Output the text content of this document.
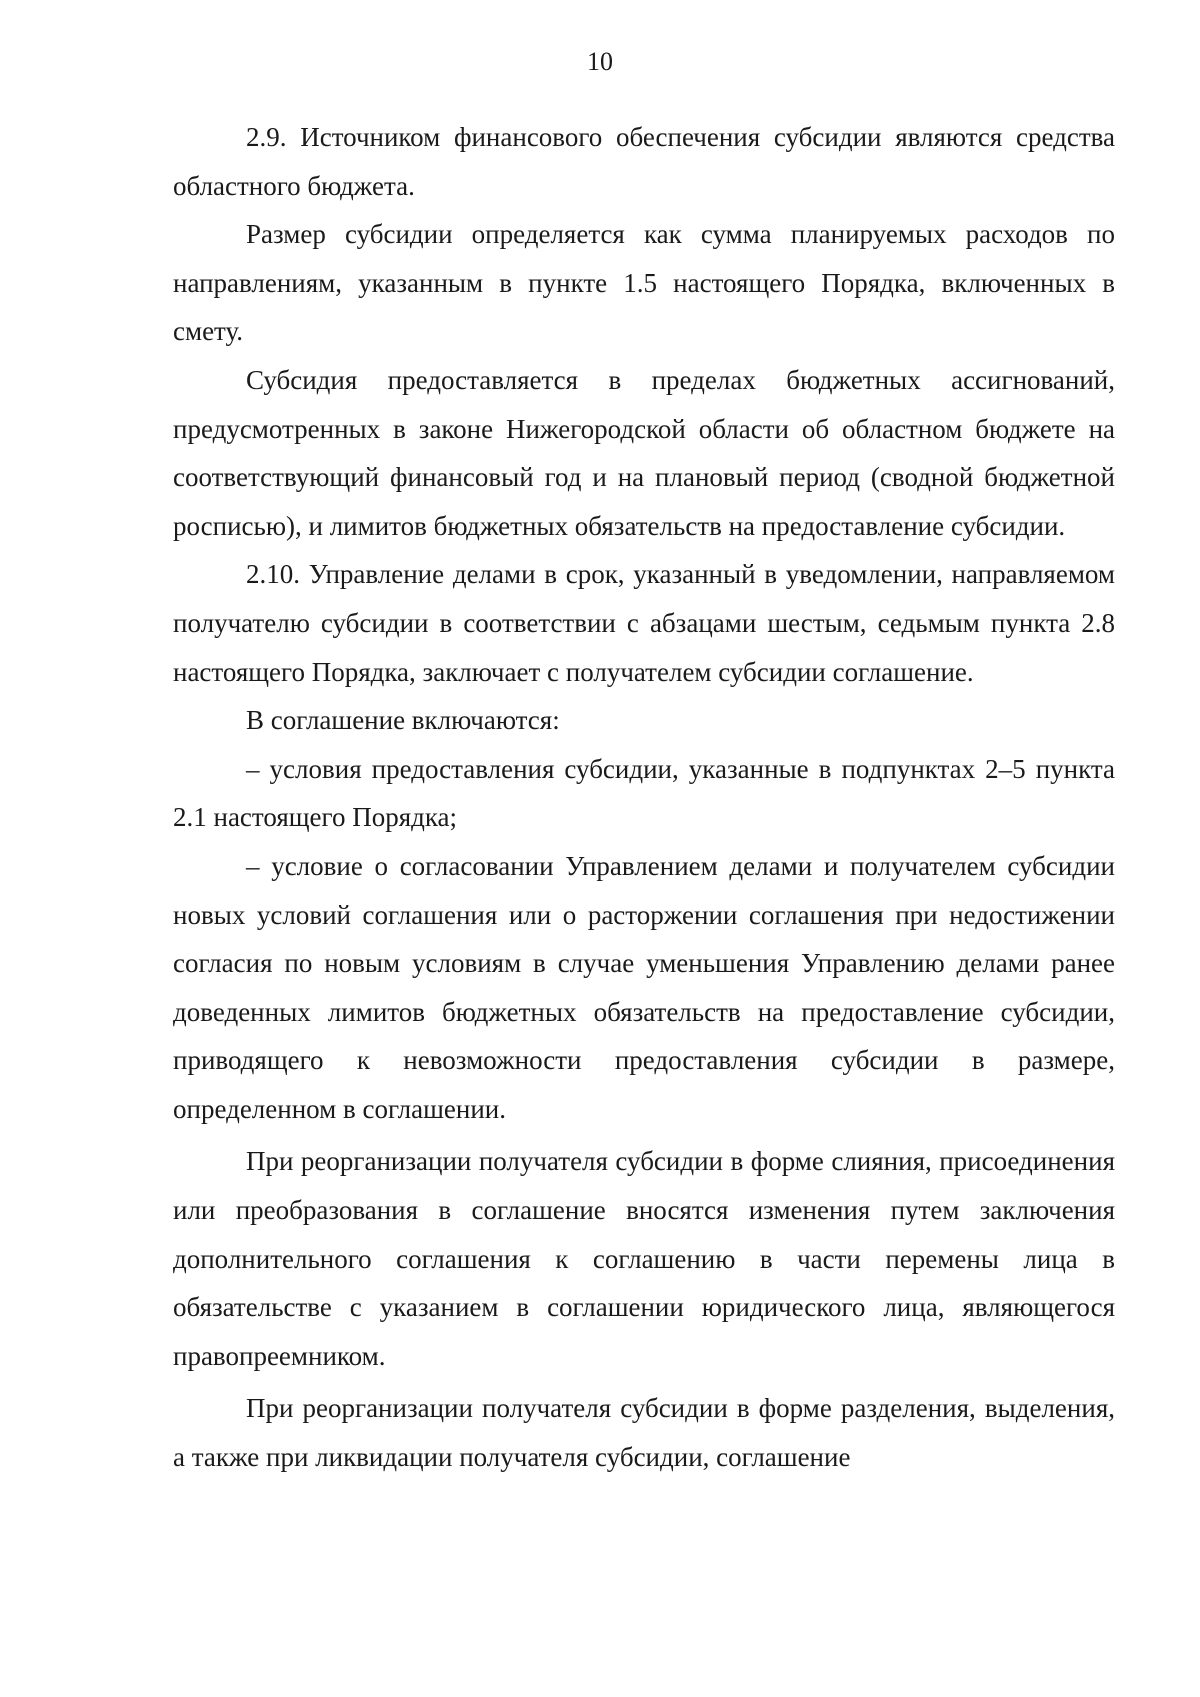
10

2.9. Источником финансового обеспечения субсидии являются средства областного бюджета.

Размер субсидии определяется как сумма планируемых расходов по направлениям, указанным в пункте 1.5 настоящего Порядка, включенных в смету.

Субсидия предоставляется в пределах бюджетных ассигнований, предусмотренных в законе Нижегородской области об областном бюджете на соответствующий финансовый год и на плановый период (сводной бюджетной росписью), и лимитов бюджетных обязательств на предоставление субсидии.

2.10. Управление делами в срок, указанный в уведомлении, направляемом получателю субсидии в соответствии с абзацами шестым, седьмым пункта 2.8 настоящего Порядка, заключает с получателем субсидии соглашение.

В соглашение включаются:

– условия предоставления субсидии, указанные в подпунктах 2–5 пункта 2.1 настоящего Порядка;

– условие о согласовании Управлением делами и получателем субсидии новых условий соглашения или о расторжении соглашения при недостижении согласия по новым условиям в случае уменьшения Управлению делами ранее доведенных лимитов бюджетных обязательств на предоставление субсидии, приводящего к невозможности предоставления субсидии в размере, определенном в соглашении.

При реорганизации получателя субсидии в форме слияния, присоединения или преобразования в соглашение вносятся изменения путем заключения дополнительного соглашения к соглашению в части перемены лица в обязательстве с указанием в соглашении юридического лица, являющегося правопреемником.

При реорганизации получателя субсидии в форме разделения, выделения, а также при ликвидации получателя субсидии, соглашение
